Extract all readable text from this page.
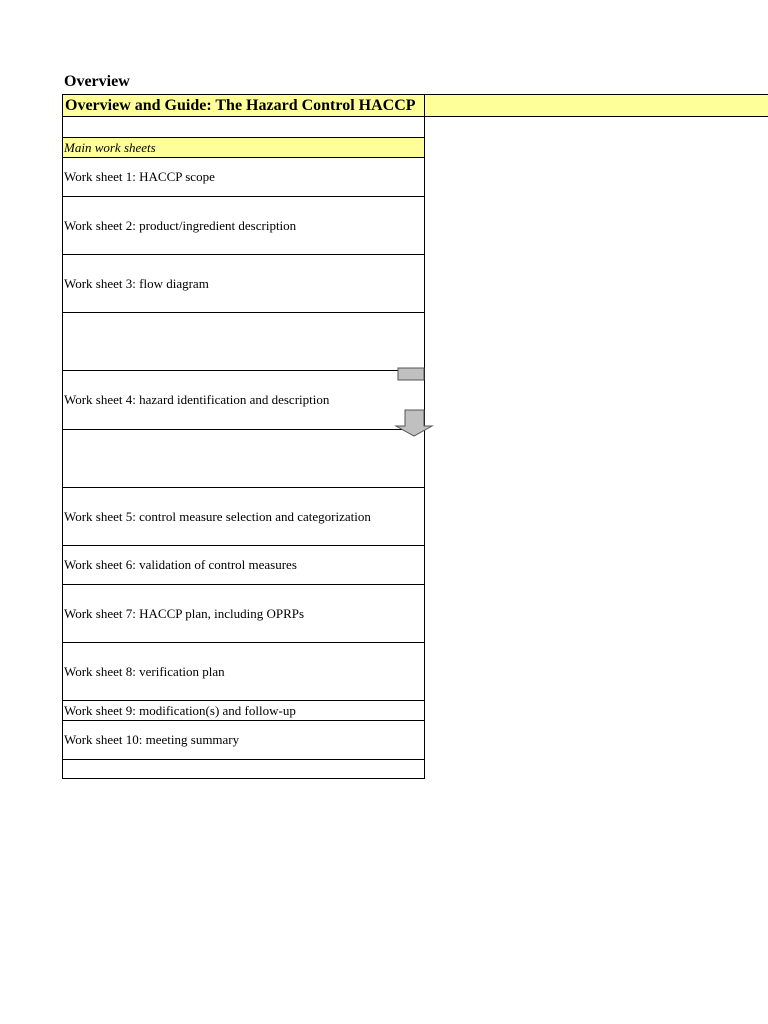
Overview
Overview and Guide: The Hazard Control HACCP
Main work sheets
Work sheet 1: HACCP scope
Work sheet 2: product/ingredient description
Work sheet 3: flow diagram
Work sheet 4: hazard identification and description
Work sheet 5: control measure selection and categorization
Work sheet 6: validation of control measures
Work sheet 7: HACCP plan, including OPRPs
Work sheet 8: verification plan
Work sheet 9: modification(s) and follow-up
Work sheet 10: meeting summary
